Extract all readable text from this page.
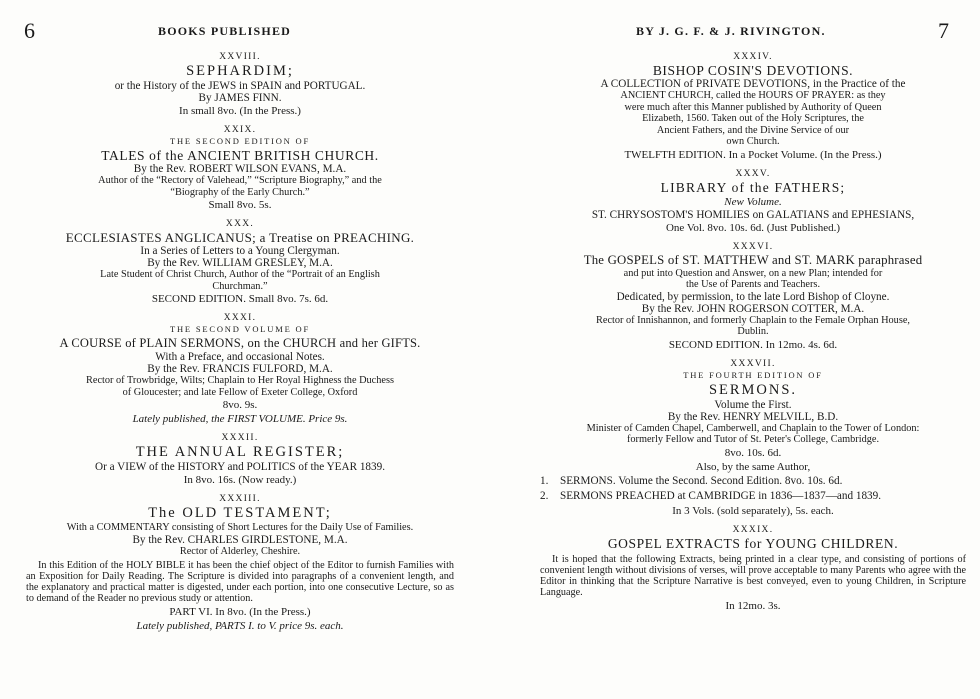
6	BOOKS PUBLISHED
XXVIII.
SEPHARDIM;
or the History of the JEWS in SPAIN and PORTUGAL.
By JAMES FINN.
In small 8vo. (In the Press.)
XXIX.
THE SECOND EDITION OF
TALES of the ANCIENT BRITISH CHURCH.
By the Rev. ROBERT WILSON EVANS, M.A.
Author of the “Rectory of Valehead,” “Scripture Biography,” and the
“Biography of the Early Church.”
Small 8vo. 5s.
XXX.
ECCLESIASTES ANGLICANUS; a Treatise on PREACHING.
In a Series of Letters to a Young Clergyman.
By the Rev. WILLIAM GRESLEY, M.A.
Late Student of Christ Church, Author of the “Portrait of an English
Churchman.”
SECOND EDITION. Small 8vo. 7s. 6d.
XXXI.
THE SECOND VOLUME OF
A COURSE of PLAIN SERMONS, on the CHURCH and her GIFTS.
With a Preface, and occasional Notes.
By the Rev. FRANCIS FULFORD, M.A.
Rector of Trowbridge, Wilts; Chaplain to Her Royal Highness the Duchess
of Gloucester; and late Fellow of Exeter College, Oxford
8vo. 9s.
Lately published, the FIRST VOLUME. Price 9s.
XXXII.
THE ANNUAL REGISTER;
Or a VIEW of the HISTORY and POLITICS of the YEAR 1839.
In 8vo. 16s. (Now ready.)
XXXIII.
The OLD TESTAMENT;
With a COMMENTARY consisting of Short Lectures for the Daily Use of Families.
By the Rev. CHARLES GIRDLESTONE, M.A.
Rector of Alderley, Cheshire.
In this Edition of the HOLY BIBLE it has been the chief object of the Editor to furnish Families with an Exposition for Daily Reading. The Scripture is divided into paragraphs of a convenient length, and the explanatory and practical matter is digested, under each portion, into one consecutive Lecture, so as to demand of the Reader no previous study or attention.
PART VI. In 8vo. (In the Press.)
Lately published, PARTS I. to V. price 9s. each.
BY J. G. F. & J. RIVINGTON.	7
XXXIV.
BISHOP COSIN'S DEVOTIONS.
A COLLECTION of PRIVATE DEVOTIONS, in the Practice of the
ANCIENT CHURCH, called the HOURS OF PRAYER: as they
were much after this Manner published by Authority of Queen
Elizabeth, 1560. Taken out of the Holy Scriptures, the
Ancient Fathers, and the Divine Service of our
own Church.
TWELFTH EDITION. In a Pocket Volume. (In the Press.)
XXXV.
LIBRARY of the FATHERS;
New Volume.
ST. CHRYSOSTOM'S HOMILIES on GALATIANS and EPHESIANS,
One Vol. 8vo. 10s. 6d. (Just Published.)
XXXVI.
The GOSPELS of ST. MATTHEW and ST. MARK paraphrased
and put into Question and Answer, on a new Plan; intended for
the Use of Parents and Teachers.
Dedicated, by permission, to the late Lord Bishop of Cloyne.
By the Rev. JOHN ROGERSON COTTER, M.A.
Rector of Innishannon, and formerly Chaplain to the Female Orphan House,
Dublin.
SECOND EDITION. In 12mo. 4s. 6d.
XXXVII.
THE FOURTH EDITION OF
SERMONS.
Volume the First.
By the Rev. HENRY MELVILL, B.D.
Minister of Camden Chapel, Camberwell, and Chaplain to the Tower of London:
formerly Fellow and Tutor of St. Peter's College, Cambridge.
8vo. 10s. 6d.
Also, by the same Author,
1. SERMONS. Volume the Second. Second Edition. 8vo. 10s. 6d.
2. SERMONS PREACHED at CAMBRIDGE in 1836—1837—and 1839.
In 3 Vols. (sold separately), 5s. each.
XXXIX.
GOSPEL EXTRACTS for YOUNG CHILDREN.
It is hoped that the following Extracts, being printed in a clear type, and consisting of portions of convenient length without divisions of verses, will prove acceptable to many Parents who agree with the Editor in thinking that the Scripture Narrative is best conveyed, even to young Children, in Scripture Language.
In 12mo. 3s.
